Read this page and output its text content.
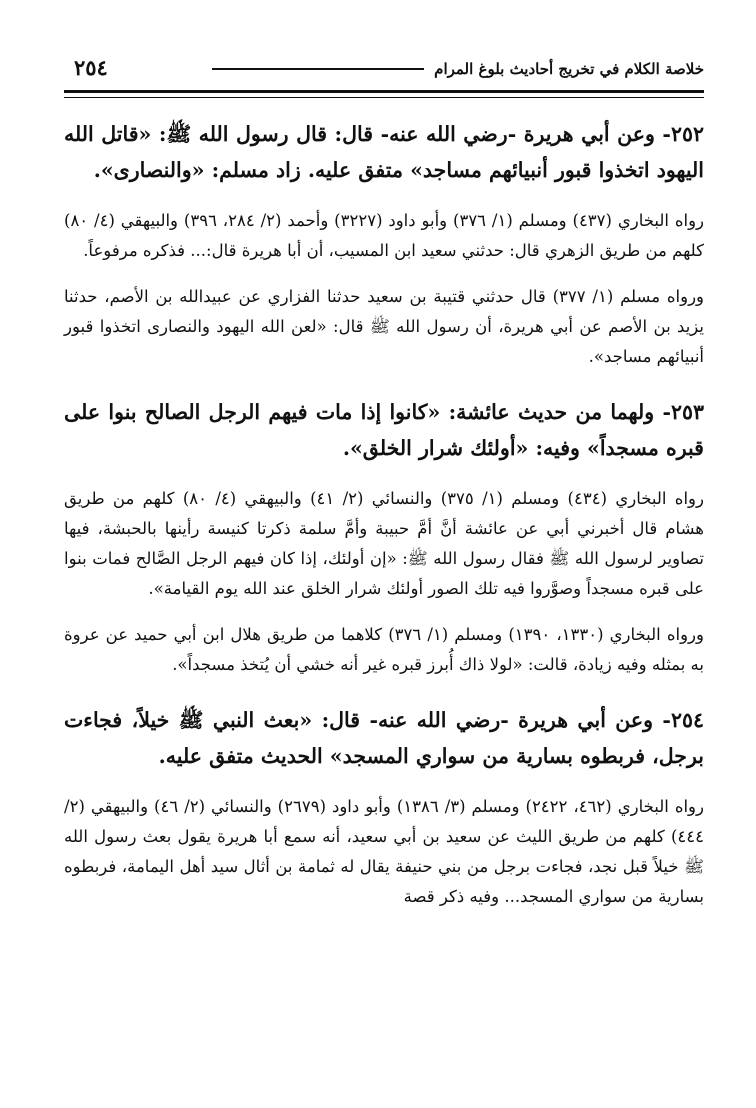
خلاصة الكلام في تخريج أحاديث بلوغ المرام
٢٥٤

٢٥٢- وعن أبي هريرة -رضي الله عنه- قال: قال رسول الله ﷺ: «قاتل الله اليهود اتخذوا قبور أنبيائهم مساجد» متفق عليه. زاد مسلم: «والنصارى».

رواه البخاري (٤٣٧) ومسلم (١/ ٣٧٦) وأبو داود (٣٢٢٧) وأحمد (٢/ ٢٨٤، ٣٩٦) والبيهقي (٤/ ٨٠) كلهم من طريق الزهري قال: حدثني سعيد ابن المسيب، أن أبا هريرة قال:... فذكره مرفوعاً.

ورواه مسلم (١/ ٣٧٧) قال حدثني قتيبة بن سعيد حدثنا الفزاري عن عبيدالله بن الأصم، حدثنا يزيد بن الأصم عن أبي هريرة، أن رسول الله ﷺ قال: «لعن الله اليهود والنصارى اتخذوا قبور أنبيائهم مساجد».

٢٥٣- ولهما من حديث عائشة: «كانوا إذا مات فيهم الرجل الصالح بنوا على قبره مسجداً» وفيه: «أولئك شرار الخلق».

رواه البخاري (٤٣٤) ومسلم (١/ ٣٧٥) والنسائي (٢/ ٤١) والبيهقي (٤/ ٨٠) كلهم من طريق هشام قال أخبرني أبي عن عائشة أنَّ أمَّ حبيبة وأمَّ سلمة ذكرتا كنيسة رأينها بالحبشة، فيها تصاوير لرسول الله ﷺ فقال رسول الله ﷺ: «إن أولئك، إذا كان فيهم الرجل الصَّالح فمات بنوا على قبره مسجداً وصوَّروا فيه تلك الصور أولئك شرار الخلق عند الله يوم القيامة».

ورواه البخاري (١٣٣٠، ١٣٩٠) ومسلم (١/ ٣٧٦) كلاهما من طريق هلال ابن أبي حميد عن عروة به بمثله وفيه زيادة، قالت: «لولا ذاك أُبرز قبره غير أنه خشي أن يُتخذ مسجداً».

٢٥٤- وعن أبي هريرة -رضي الله عنه- قال: «بعث النبي ﷺ خيلاً، فجاءت برجل، فربطوه بسارية من سواري المسجد» الحديث متفق عليه.

رواه البخاري (٤٦٢، ٢٤٢٢) ومسلم (٣/ ١٣٨٦) وأبو داود (٢٦٧٩) والنسائي (٢/ ٤٦) والبيهقي (٢/ ٤٤٤) كلهم من طريق الليث عن سعيد بن أبي سعيد، أنه سمع أبا هريرة يقول بعث رسول الله ﷺ خيلاً قبل نجد، فجاءت برجل من بني حنيفة يقال له ثمامة بن أثال سيد أهل اليمامة، فربطوه بسارية من سواري المسجد... وفيه ذكر قصة
